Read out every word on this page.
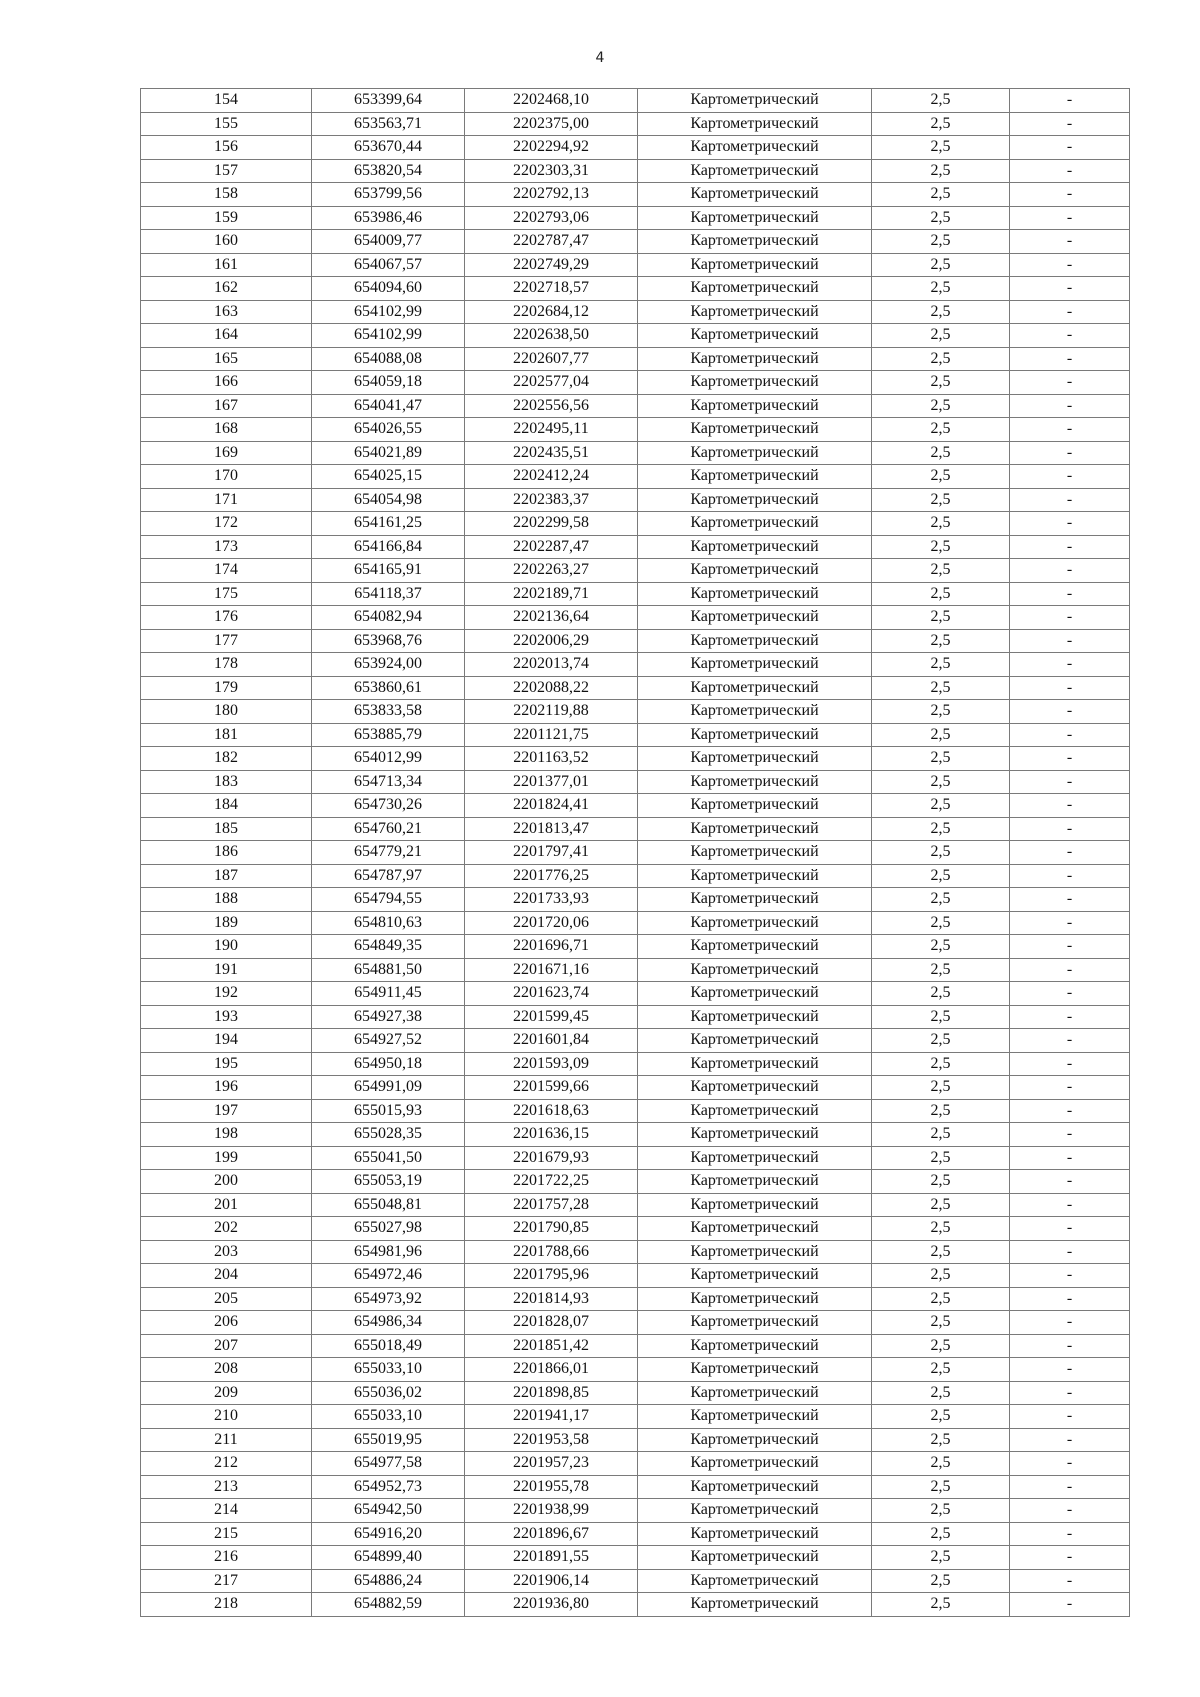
4
154	653399,64	2202468,10	Картометрический	2,5	-
155	653563,71	2202375,00	Картометрический	2,5	-
156	653670,44	2202294,92	Картометрический	2,5	-
157	653820,54	2202303,31	Картометрический	2,5	-
158	653799,56	2202792,13	Картометрический	2,5	-
159	653986,46	2202793,06	Картометрический	2,5	-
160	654009,77	2202787,47	Картометрический	2,5	-
161	654067,57	2202749,29	Картометрический	2,5	-
162	654094,60	2202718,57	Картометрический	2,5	-
163	654102,99	2202684,12	Картометрический	2,5	-
164	654102,99	2202638,50	Картометрический	2,5	-
165	654088,08	2202607,77	Картометрический	2,5	-
166	654059,18	2202577,04	Картометрический	2,5	-
167	654041,47	2202556,56	Картометрический	2,5	-
168	654026,55	2202495,11	Картометрический	2,5	-
169	654021,89	2202435,51	Картометрический	2,5	-
170	654025,15	2202412,24	Картометрический	2,5	-
171	654054,98	2202383,37	Картометрический	2,5	-
172	654161,25	2202299,58	Картометрический	2,5	-
173	654166,84	2202287,47	Картометрический	2,5	-
174	654165,91	2202263,27	Картометрический	2,5	-
175	654118,37	2202189,71	Картометрический	2,5	-
176	654082,94	2202136,64	Картометрический	2,5	-
177	653968,76	2202006,29	Картометрический	2,5	-
178	653924,00	2202013,74	Картометрический	2,5	-
179	653860,61	2202088,22	Картометрический	2,5	-
180	653833,58	2202119,88	Картометрический	2,5	-
181	653885,79	2201121,75	Картометрический	2,5	-
182	654012,99	2201163,52	Картометрический	2,5	-
183	654713,34	2201377,01	Картометрический	2,5	-
184	654730,26	2201824,41	Картометрический	2,5	-
185	654760,21	2201813,47	Картометрический	2,5	-
186	654779,21	2201797,41	Картометрический	2,5	-
187	654787,97	2201776,25	Картометрический	2,5	-
188	654794,55	2201733,93	Картометрический	2,5	-
189	654810,63	2201720,06	Картометрический	2,5	-
190	654849,35	2201696,71	Картометрический	2,5	-
191	654881,50	2201671,16	Картометрический	2,5	-
192	654911,45	2201623,74	Картометрический	2,5	-
193	654927,38	2201599,45	Картометрический	2,5	-
194	654927,52	2201601,84	Картометрический	2,5	-
195	654950,18	2201593,09	Картометрический	2,5	-
196	654991,09	2201599,66	Картометрический	2,5	-
197	655015,93	2201618,63	Картометрический	2,5	-
198	655028,35	2201636,15	Картометрический	2,5	-
199	655041,50	2201679,93	Картометрический	2,5	-
200	655053,19	2201722,25	Картометрический	2,5	-
201	655048,81	2201757,28	Картометрический	2,5	-
202	655027,98	2201790,85	Картометрический	2,5	-
203	654981,96	2201788,66	Картометрический	2,5	-
204	654972,46	2201795,96	Картометрический	2,5	-
205	654973,92	2201814,93	Картометрический	2,5	-
206	654986,34	2201828,07	Картометрический	2,5	-
207	655018,49	2201851,42	Картометрический	2,5	-
208	655033,10	2201866,01	Картометрический	2,5	-
209	655036,02	2201898,85	Картометрический	2,5	-
210	655033,10	2201941,17	Картометрический	2,5	-
211	655019,95	2201953,58	Картометрический	2,5	-
212	654977,58	2201957,23	Картометрический	2,5	-
213	654952,73	2201955,78	Картометрический	2,5	-
214	654942,50	2201938,99	Картометрический	2,5	-
215	654916,20	2201896,67	Картометрический	2,5	-
216	654899,40	2201891,55	Картометрический	2,5	-
217	654886,24	2201906,14	Картометрический	2,5	-
218	654882,59	2201936,80	Картометрический	2,5	-
